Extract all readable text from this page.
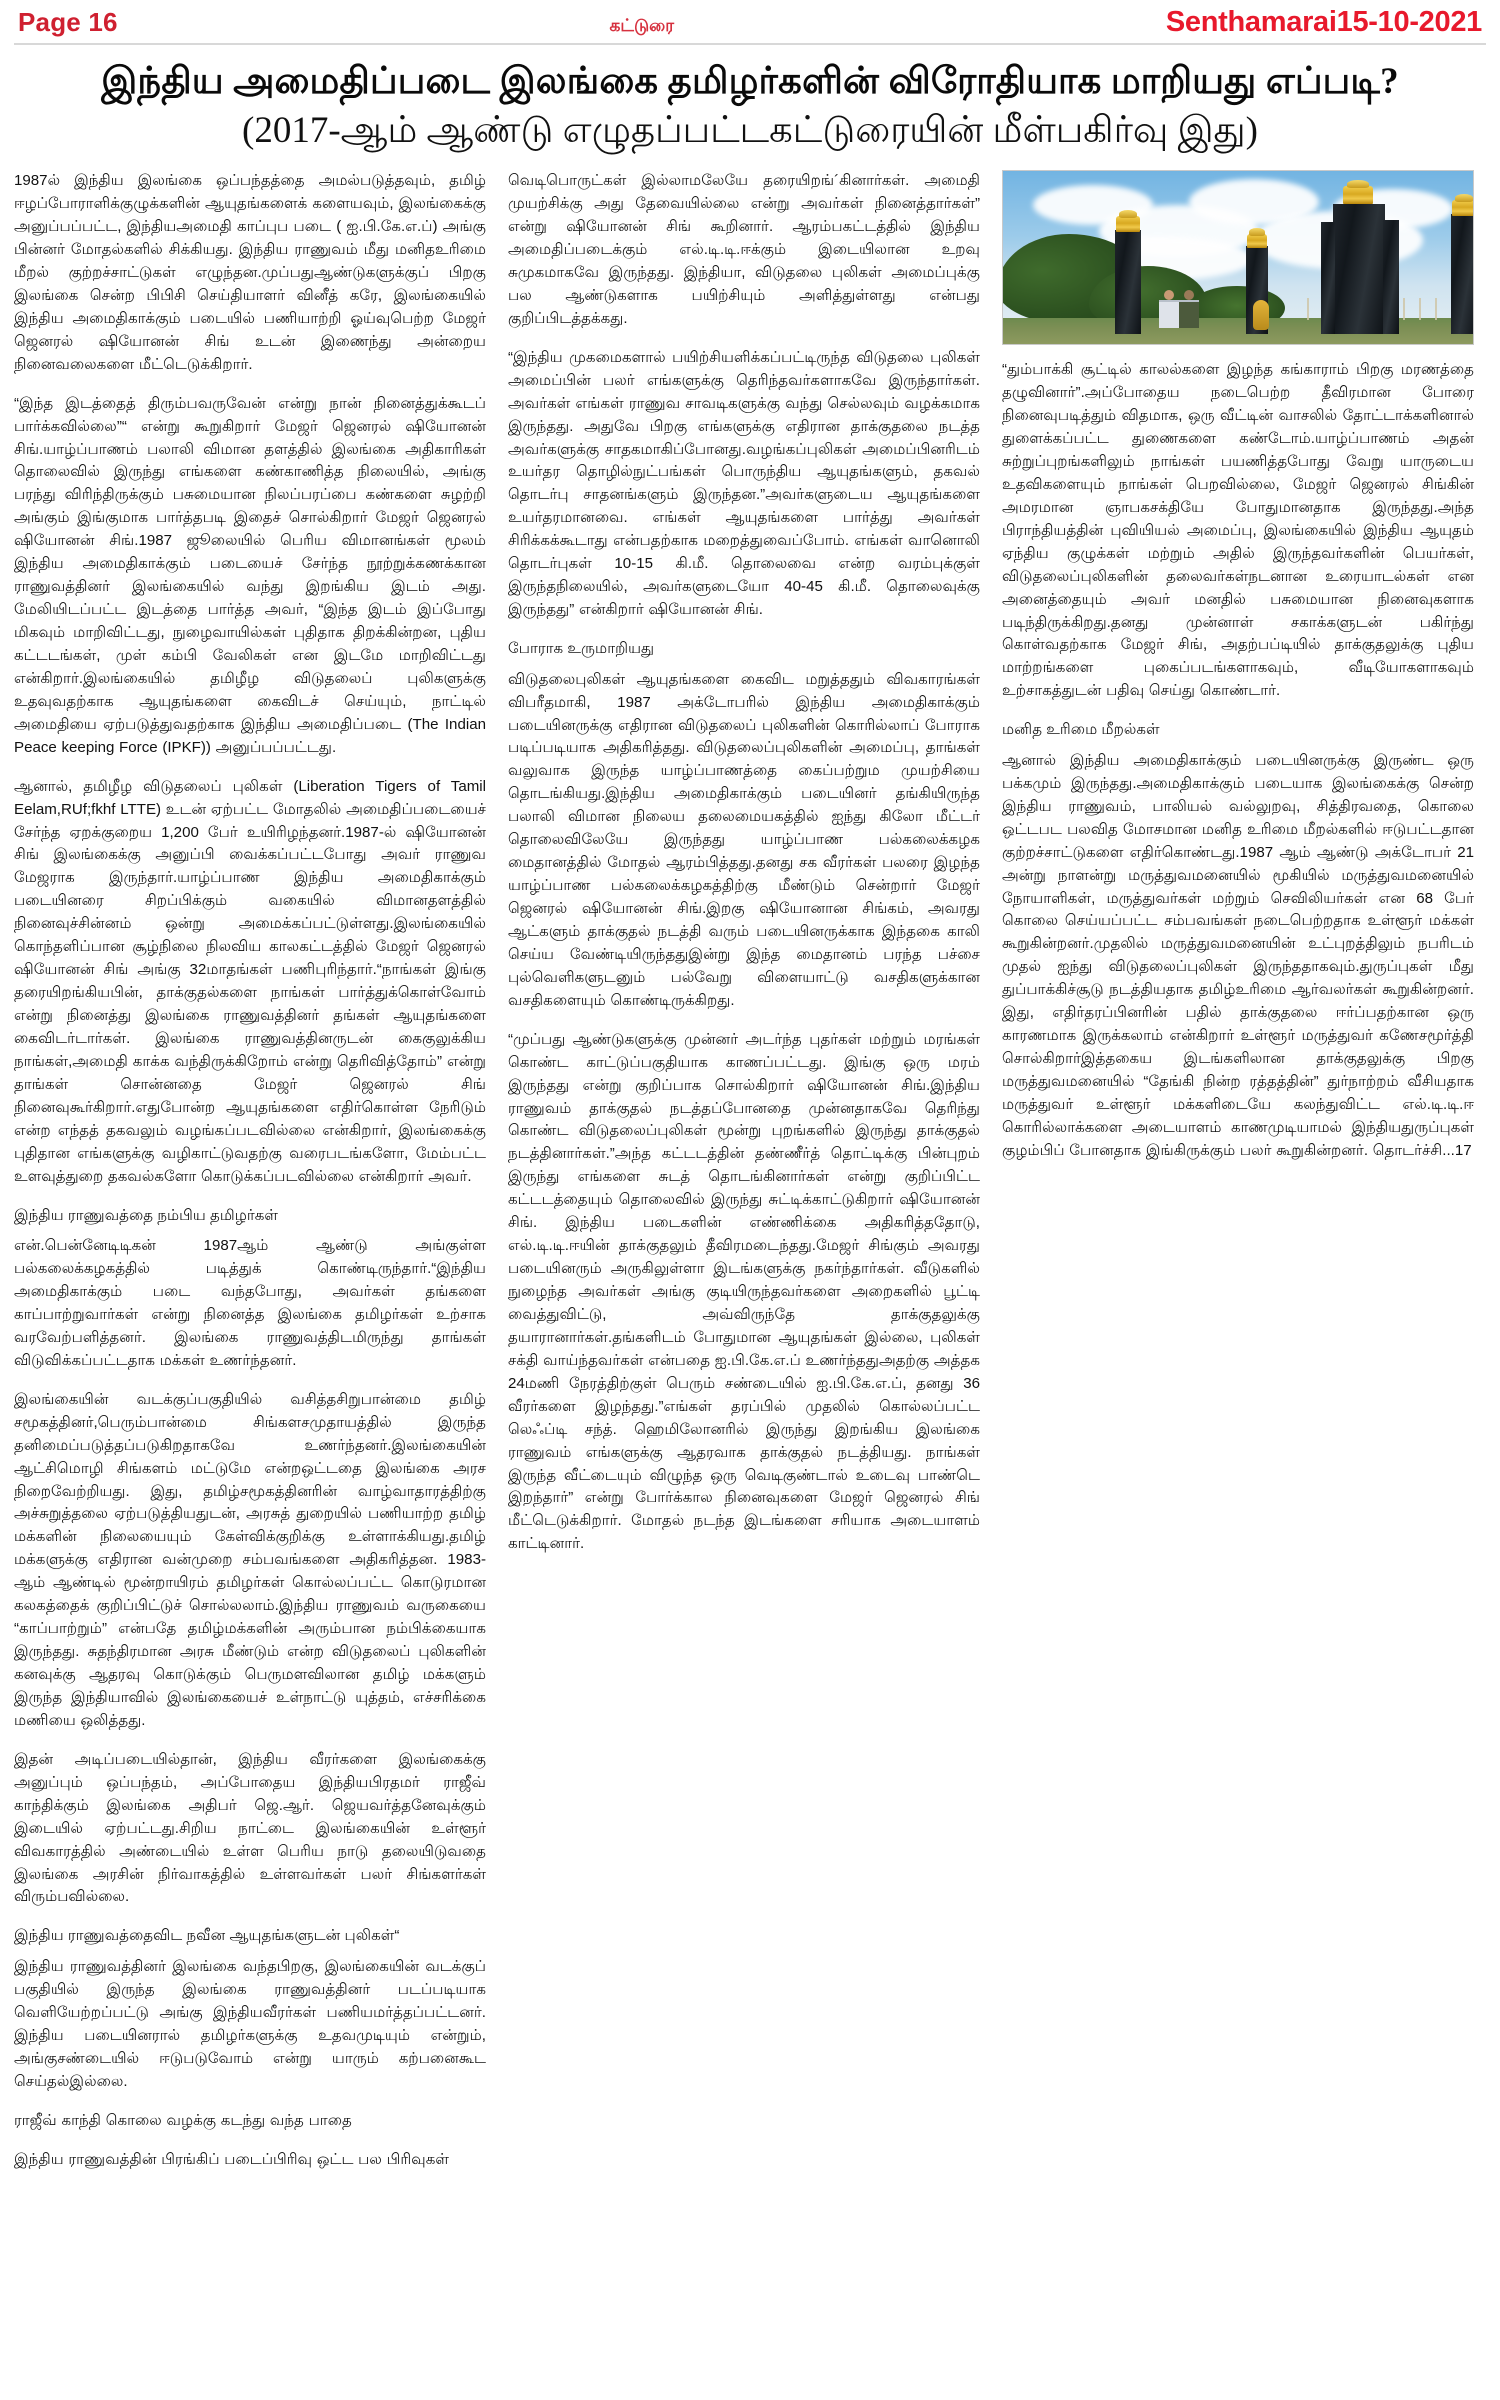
Page 16	கட்டுரை	Senthamarai15-10-2021
இந்திய அமைதிப்படை இலங்கை தமிழர்களின் விரோதியாக மாறியது எப்படி?
(2017-ஆம் ஆண்டு எழுதப்பட்டகட்டுரையின் மீள்பகிர்வு இது)

1987ல் இந்திய இலங்கை ஒப்பந்தத்தை அமல்படுத்தவும், தமிழ் ஈழப்போராளிக்குழுக்களின் ஆயுதங்களைக் களையவும், இலங்கைக்கு அனுப்பப்பட்ட, இந்தியஅமைதி காப்புப படை ( ஐ.பி.கே.எ⁠.ப்) அங்கு பின்னர் மோதல்களில் சிக்கியது. இந்திய ராணுவம் மீது மனிதஉரிமை மீறல் குற்றச்சாட்டுகள் எழுந்தன.முப்பதுஆண்டுகளுக்குப் பிறகு இலங்கை சென்ற பிபிசி செய்தியாளர் வினீத் கரே, இலங்கையில் இந்திய அமைதிகாக்கும் படையில் பணியாற்றி ஓய்வுபெற்ற மேஜர் ஜெனரல் ஷியோனன் சிங் உடன் இணைந்து அன்றைய நினைவலைகளை மீட்டெடுக்கிறார்.

“இந்த இடத்தைத் திரும்பவருவேன் என்று நான் நினைத்துக்கூடப் பார்க்கவில்லை”“ என்று கூறுகிறார் மேஜர் ஜெனரல் ஷியோனன் சிங்.யாழ்ப்பாணம் பலாலி விமான தளத்தில் இலங்கை அதிகாரிகள் தொலைவில் இருந்து எங்களை கண்காணித்த நிலையில், அங்கு பரந்து விரிந்திருக்கும் பசுமையான நிலப்பரப்பை கண்களை சுழற்றி அங்கும் இங்குமாக பார்த்தபடி இதைச் சொல்கிறார் மேஜர் ஜெனரல் ஷியோனன் சிங்.1987 ஜூலையில் பெரிய விமானங்கள் மூலம் இந்திய அமைதிகாக்கும் படையைச் சேர்ந்த நூற்றுக்கணக்கான ராணுவத்தினர் இலங்கையில் வந்து இறங்கிய இடம் அது. மேலியிடப்பட்ட இடத்தை பார்த்த அவர், “இந்த இடம் இப்போது மிகவும் மாறிவிட்டது, நுழைவாயில்கள் புதிதாக திறக்கின்றன, புதிய கட்டடங்கள், முள் கம்பி வேலிகள் என இடமே மாறிவிட்டது என்கிறார்.இலங்கையில் தமிழீழ விடுதலைப் புலிகளுக்கு உதவுவதற்காக ஆயுதங்களை கைவிடச் செய்யும், நாட்டில் அமைதியை ஏற்படுத்துவதற்காக இந்திய அமைதிப்படை (The Indian Peace keeping Force (IPKF)) அனுப்பப்பட்டது.

ஆனால், தமிழீழ விடுதலைப் புலிகள் (Liberation Tigers of Tamil Eelam,RUf;fkhf LTTE) உடன் ஏற்பட்ட மோதலில் அமைதிப்படையைச் சேர்ந்த ஏறக்குறைய 1,200 பேர் உயிரிழந்தனர்.1987-ல் ஷியோனன் சிங் இலங்கைக்கு அனுப்பி வைக்கப்பட்டபோது அவர் ராணுவ மேஜராக இருந்தார்.யாழ்ப்பாண இந்திய அமைதிகாக்கும் படையினரை சிறப்பிக்கும் வகையில் விமானதளத்தில் நினைவுச்சின்னம் ஒன்று அமைக்கப்பட்டுள்ளது.இலங்கையில் கொந்தளிப்பான சூழ்நிலை நிலவிய காலகட்டத்தில் மேஜர் ஜெனரல் ஷியோனன் சிங் அங்கு 32மாதங்கள் பணிபுரிந்தார்.“நாங்கள் இங்கு தரையிறங்கியபின், தாக்குதல்களை நாங்கள் பார்த்துக்கொள்வோம் என்று நினைத்து இலங்கை ராணுவத்தினர் தங்கள் ஆயுதங்களை கைவிடர்டார்கள். இலங்கை ராணுவத்தினருடன் கைகுலுக்கிய நாங்கள்,அமைதி காக்க வந்திருக்கிறோம் என்று தெரிவித்தோம்” என்று தாங்கள் சொன்னதை மேஜர் ஜெனரல் சிங் நினைவுகூர்கிறார்.எதுபோன்ற ஆயுதங்களை எதிர்கொள்ள நேரிடும் என்ற எந்தத் தகவலும் வழங்கப்படவில்லை என்கிறார், இலங்கைக்கு புதிதான எங்களுக்கு வழிகாட்டுவதற்கு வரைபடங்களோ, மேம்பட்ட உளவுத்துறை தகவல்களோ கொடுக்கப்படவில்லை என்கிறார் அவர்.

இந்திய ராணுவத்தை நம்பிய தமிழர்கள்

என்.பென்னேடிடிகன் 1987ஆம் ஆண்டு அங்குள்ள பல்கலைக்கழகத்தில் படித்துக் கொண்டிருந்தார்.“இந்திய அமைதிகாக்கும் படை வந்தபோது, அவர்கள் தங்களை காப்பாற்றுவார்கள் என்று நினைத்த இலங்கை தமிழர்கள் உற்சாக வரவேற்பளித்தனர். இலங்கை ராணுவத்திடமிருந்து தாங்கள் விடுவிக்கப்பட்டதாக மக்கள் உணர்ந்தனர்.

இலங்கையின் வடக்குப்பகுதியில் வசித்தசிறுபான்மை தமிழ் சமூகத்தினர்,பெரும்பான்மை சிங்களசமுதாயத்தில் இருந்த தனிமைப்படுத்தப்படுகிறதாகவே உணர்ந்தனர்.இலங்கையின் ஆட்சிமொழி சிங்களம் மட்டுமே என்றஒட்டதை இலங்கை அரச நிறைவேற்றியது. இது, தமிழ்சமூகத்தினரின் வாழ்வாதாரத்திற்கு அச்சுறுத்தலை ஏற்படுத்தியதுடன், அரசுத் துறையில் பணியாற்ற தமிழ் மக்களின் நிலையையும் கேள்விக்குறிக்கு உள்ளாக்கியது.தமிழ் மக்களுக்கு எதிரான வன்முறை சம்பவங்களை அதிகரித்தன. 1983-ஆம் ஆண்டில் மூன்றாயிரம் தமிழர்கள் கொல்லப்பட்ட கொடுரமான கலகத்தைக் குறிப்பிட்டுச் சொல்லலாம்.இந்திய ராணுவம் வருகையை “காப்பாற்றும்” என்பதே தமிழ்மக்களின் அரும்பான நம்பிக்கையாக இருந்தது. சுதந்திரமான அரசு மீண்டும் என்ற விடுதலைப் புலிகளின் கனவுக்கு ஆதரவு கொடுக்கும் பெருமளவிலான தமிழ் மக்களும் இருந்த இந்தியாவில் இலங்கையைச் உள்நாட்டு யுத்தம், எச்சரிக்கை மணியை ஒலித்தது.

இதன் அடிப்படையில்தான், இந்திய வீரர்களை இலங்கைக்கு அனுப்பும் ஒப்பந்தம், அப்போதைய இந்தியபிரதமர் ராஜீவ் காந்திக்கும் இலங்கை அதிபர் ஜெ.ஆர். ஜெயவர்த்தனேவுக்கும் இடையில் ஏற்பட்டது.சிறிய நாட்டை இலங்கையின் உள்ளூர் விவகாரத்தில் அண்டையில் உள்ள பெரிய நாடு தலையிடுவதை இலங்கை அரசின் நிர்வாகத்தில் உள்ளவர்கள் பலர் சிங்களர்கள் விரும்பவில்லை.

இந்திய ராணுவத்தைவிட நவீன ஆயுதங்களுடன் புலிகள்“

இந்திய ராணுவத்தினர் இலங்கை வந்தபிறகு, இலங்கையின் வடக்குப் பகுதியில் இருந்த இலங்கை ராணுவத்தினர் படப்படியாக வெளியேற்றப்பட்டு அங்கு இந்தியவீரர்கள் பணியமர்த்தப்பட்டனர். இந்திய படையினரால் தமிழர்களுக்கு உதவமுடியும் என்றும், அங்குசண்டையில் ஈடுபடுவோம் என்று யாரும் கற்பனைகூட செய்தல்இல்லை.

ராஜீவ் காந்தி கொலை வழக்கு கடந்து வந்த பாதை

இந்திய ராணுவத்தின் பிரங்கிப் படைப்பிரிவு ஒட்ட பல பிரிவுகள்

வெடிபொருட்கள் இல்லாமலேயே தரையிறங்´கினார்கள். அமைதி முயற்சிக்கு அது தேவையில்லை என்று அவர்கள் நினைத்தார்கள்” என்று ஷியோனன் சிங் கூறினார். ஆரம்பகட்டத்தில் இந்திய அமைதிப்படைக்கும் எல்.டி.டி.ஈக்கும் இடையிலான உறவு சுமுகமாகவே இருந்தது. இந்தியா, விடுதலை புலிகள் அமைப்புக்கு பல ஆண்டுகளாக பயிற்சியும் அளித்துள்ளது என்பது குறிப்பிடத்தக்கது.

“இந்திய முகமைகளால் பயிற்சியளிக்கப்பட்டிருந்த விடுதலை புலிகள் அமைப்பின் பலர் எங்களுக்கு தெரிந்தவர்களாகவே இருந்தார்கள். அவர்கள் எங்கள் ராணுவ சாவடிகளுக்கு வந்து செல்லவும் வழக்கமாக இருந்தது. அதுவே பிறகு எங்களுக்கு எதிரான தாக்குதலை நடத்த அவர்களுக்கு சாதகமாகிப்போனது.வழங்கப்புலிகள் அமைப்பினரிடம் உயர்தர தொழில்நுட்பங்கள் பொருந்திய ஆயுதங்களும், தகவல் தொடர்பு சாதனங்களும் இருந்தன.”அவர்களுடைய ஆயுதங்களை உயர்தரமானவை. எங்கள் ஆயுதங்களை பார்த்து அவர்கள் சிரிக்கக்கூடாது என்பதற்காக மறைத்துவைப்போம். எங்கள் வானொலி தொடர்புகள் 10-15 கி.மீ. தொலைவை என்ற வரம்புக்குள் இருந்தநிலையில், அவர்களுடையோ 40-45 கி.மீ. தொலைவுக்கு இருந்தது” என்கிறார் ஷியோனன் சிங்.

போராக உருமாறியது

விடுதலைபுலிகள் ஆயுதங்களை கைவிட மறுத்ததும் விவகாரங்கள் விபரீதமாகி, 1987 அக்டோபரில் இந்திய அமைதிகாக்கும் படையினருக்கு எதிரான விடுதலைப் புலிகளின் கொரில்லாப் போராக படிப்படியாக அதிகரித்தது. விடுதலைப்புலிகளின் அமைப்பு, தாங்கள் வலுவாக இருந்த யாழ்ப்பாணத்தை கைப்பற்றும முயற்சியை தொடங்கியது.இந்திய அமைதிகாக்கும் படையினர் தங்கியிருந்த பலாலி விமான நிலைய தலைமையகத்தில் ஐந்து கிலோ மீட்டர் தொலைவிலேயே இருந்தது யாழ்ப்பாண பல்கலைக்கழக மைதானத்தில் மோதல் ஆரம்பித்தது.தனது சக வீரர்கள் பலரை இழந்த யாழ்ப்பாண பல்கலைக்கழகத்திற்கு மீண்டும் சென்றார் மேஜர் ஜெனரல் ஷியோனன் சிங்.இறகு ஷியோனான சிங்கம், அவரது ஆட்களும் தாக்குதல் நடத்தி வரும் படையினருக்காக இந்தகை காலி செய்ய வேண்டியிருந்ததுஇன்று இந்த மைதானம் பரந்த பச்சை புல்வெளிகளுடனும் பல்வேறு விளையாட்டு வசதிகளுக்கான வசதிகளையும் கொண்டிருக்கிறது.

“முப்பது ஆண்டுகளுக்கு முன்னர் அடர்ந்த புதர்கள் மற்றும் மரங்கள் கொண்ட காட்டுப்பகுதியாக காணப்பட்டது. இங்கு ஒரு மரம் இருந்தது என்று குறிப்பாக சொல்கிறார் ஷியோனன் சிங்.இந்திய ராணுவம் தாக்குதல் நடத்தப்போனதை முன்னதாகவே தெரிந்து கொண்ட விடுதலைப்புலிகள் மூன்று புறங்களில் இருந்து தாக்குதல் நடத்தினார்கள்.”அந்த கட்டடத்தின் தண்ணீர்த் தொட்டிக்கு பின்புறம் இருந்து எங்களை சுடத் தொடங்கினார்கள் என்று குறிப்பிட்ட கட்டடத்தையும் தொலைவில் இருந்து சுட்டிக்காட்டுகிறார் ஷியோனன் சிங். இந்திய படைகளின் எண்ணிக்கை அதிகரித்ததோடு, எல்.டி.டி.ஈயின் தாக்குதலும் தீவிரமடைந்தது.மேஜர் சிங்கும் அவரது படையினரும் அருகிலுள்ளா இடங்களுக்கு நகர்ந்தார்கள். வீடுகளில் நுழைந்த அவர்கள் அங்கு குடியிருந்தவர்களை அறைகளில் பூட்டி வைத்துவிட்டு, அவ்விருந்தே தாக்குதலுக்கு தயாரானார்கள்.தங்களிடம் போதுமான ஆயுதங்கள் இல்லை, புலிகள் சக்தி வாய்ந்தவர்கள் என்பதை ஐ.பி.கே.எ⁠.ப் உணர்ந்ததுஅதற்கு அத்தக 24மணி நேரத்திற்குள் பெரும் சண்டையில் ஐ.பி.கே.எ⁠.ப், தனது 36 வீரர்களை இழந்தது.”எங்கள் தரப்பில் முதலில் கொல்லப்பட்ட லெஃப்டி சந்த். ஹெமிலோனரில் இருந்து இறங்கிய இலங்கை ராணுவம் எங்களுக்கு ஆதரவாக தாக்குதல் நடத்தியது. நாங்கள் இருந்த வீட்டையும் விழுந்த ஒரு வெடிகுண்டால் உடைவு பாண்டெ இறந்தார்” என்று போர்க்கால நினைவுகளை மேஜர் ஜெனரல் சிங் மீட்டெடுக்கிறார். மோதல் நடந்த இடங்களை சரியாக அடையாளம் காட்டினார்.

“தும்பாக்கி சூட்டில் காலல்களை இழந்த கங்காராம் பிறகு மரணத்தை தழுவினார்”.அப்போதைய நடைபெற்ற தீவிரமான போரை நினைவுபடித்தும் விதமாக, ஒரு வீட்டின் வாசலில் தோட்டாக்களினால் துளைக்கப்பட்ட துணைகளை கண்டோம்.யாழ்ப்பாணம் அதன் சுற்றுப்புறங்களிலும் நாங்கள் பயணித்தபோது வேறு யாருடைய உதவிகளையும் நாங்கள் பெறவில்லை, மேஜர் ஜெனரல் சிங்கின் அமரமான ஞாபகசக்தியே போதுமானதாக இருந்தது.அந்த பிராந்தியத்தின் புவியியல் அமைப்பு, இலங்கையில் இந்திய ஆயுதம் ஏந்திய குழுக்கள் மற்றும் அதில் இருந்தவர்களின் பெயர்கள், விடுதலைப்புலிகளின் தலைவர்கள்நடனான உரையாடல்கள் என அனைத்தையும் அவர் மனதில் பசுமையான நினைவுகளாக படிந்திருக்கிறது.தனது முன்னாள் சகாக்களுடன் பகிர்ந்து கொள்வதற்காக மேஜர் சிங், அதற்பப்டியில் தாக்குதலுக்கு புதிய மாற்றங்களை புகைப்படங்களாகவும், வீடியோகளாகவும் உற்சாகத்துடன் பதிவு செய்து கொண்டார்.

மனித உரிமை மீறல்கள்

ஆனால் இந்திய அமைதிகாக்கும் படையினருக்கு இருண்ட ஒரு பக்கமும் இருந்தது.அமைதிகாக்கும் படையாக இலங்கைக்கு சென்ற இந்திய ராணுவம், பாலியல் வல்லுறவு, சித்திரவதை, கொலை ஒட்டபட பலவித மோசமான மனித உரிமை மீறல்களில் ஈடுபட்டதான குற்றச்சாட்டுகளை எதிர்கொண்டது.1987 ஆம் ஆண்டு அக்டோபர் 21 அன்று நாளன்று மருத்துவமனையில் மூகியில் மருத்துவமனையில் நோயாளிகள், மருத்துவர்கள் மற்றும் செவிலியர்கள் என 68 பேர் கொலை செய்யப்பட்ட சம்பவங்கள் நடைபெற்றதாக உள்ளூர் மக்கள் கூறுகின்றனர்.முதலில் மருத்துவமனையின் உட்புறத்திலும் நபரிடம் முதல் ஐந்து விடுதலைப்புலிகள் இருந்ததாகவும்.துருப்புகள் மீது துப்பாக்கிச்சூடு நடத்தியதாக தமிழ்உரிமை ஆர்வலர்கள் கூறுகின்றனர். இது, எதிர்தரப்பினரின் பதில் தாக்குதலை ஈர்ப்பதற்கான ஒரு காரணமாக இருக்கலாம் என்கிறார் உள்ளூர் மருத்துவர் கணேசமூர்த்தி சொல்கிறார்இத்தகைய இடங்களிலான தாக்குதலுக்கு பிறகு மருத்துவமனையில் “தேங்கி நின்ற ரத்தத்தின்” துர்நாற்றம் வீசியதாக மருத்துவர் உள்ளூர் மக்களிடையே கலந்துவிட்ட எல்.டி.டி.ஈ கொரில்லாக்களை அடையாளம் காணமுடியாமல் இந்தியதுருப்புகள் குழம்பிப் போனதாக இங்கிருக்கும் பலர் கூறுகின்றனர். தொடர்ச்சி...17
